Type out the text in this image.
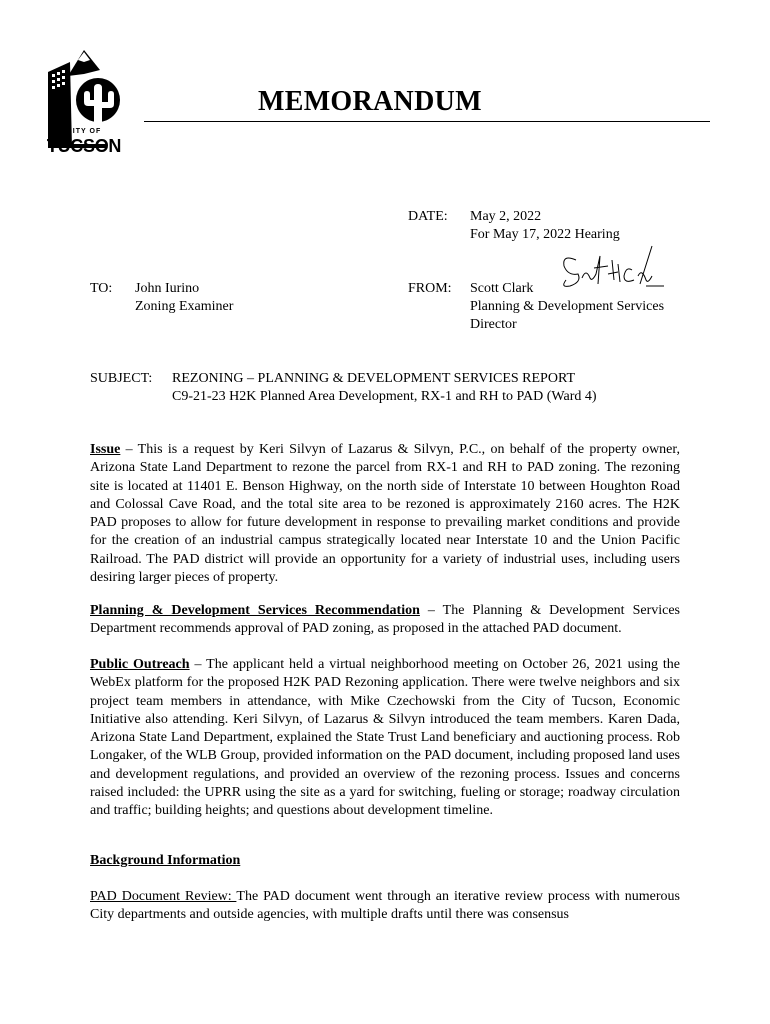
CITY OF
TUCSON
MEMORANDUM
DATE: May 2, 2022
For May 17, 2022 Hearing
TO: John Iurino
Zoning Examiner
FROM: Scott Clark
Planning & Development Services
Director
SUBJECT: REZONING – PLANNING & DEVELOPMENT SERVICES REPORT
C9-21-23 H2K Planned Area Development, RX-1 and RH to PAD (Ward 4)

Issue – This is a request by Keri Silvyn of Lazarus & Silvyn, P.C., on behalf of the property owner, Arizona State Land Department to rezone the parcel from RX-1 and RH to PAD zoning. The rezoning site is located at 11401 E. Benson Highway, on the north side of Interstate 10 between Houghton Road and Colossal Cave Road, and the total site area to be rezoned is approximately 2160 acres. The H2K PAD proposes to allow for future development in response to prevailing market conditions and provide for the creation of an industrial campus strategically located near Interstate 10 and the Union Pacific Railroad. The PAD district will provide an opportunity for a variety of industrial uses, including users desiring larger pieces of property.

Planning & Development Services Recommendation – The Planning & Development Services Department recommends approval of PAD zoning, as proposed in the attached PAD document.

Public Outreach – The applicant held a virtual neighborhood meeting on October 26, 2021 using the WebEx platform for the proposed H2K PAD Rezoning application. There were twelve neighbors and six project team members in attendance, with Mike Czechowski from the City of Tucson, Economic Initiative also attending. Keri Silvyn, of Lazarus & Silvyn introduced the team members. Karen Dada, Arizona State Land Department, explained the State Trust Land beneficiary and auctioning process. Rob Longaker, of the WLB Group, provided information on the PAD document, including proposed land uses and development regulations, and provided an overview of the rezoning process. Issues and concerns raised included: the UPRR using the site as a yard for switching, fueling or storage; roadway circulation and traffic; building heights; and questions about development timeline.

Background Information

PAD Document Review: The PAD document went through an iterative review process with numerous City departments and outside agencies, with multiple drafts until there was consensus
